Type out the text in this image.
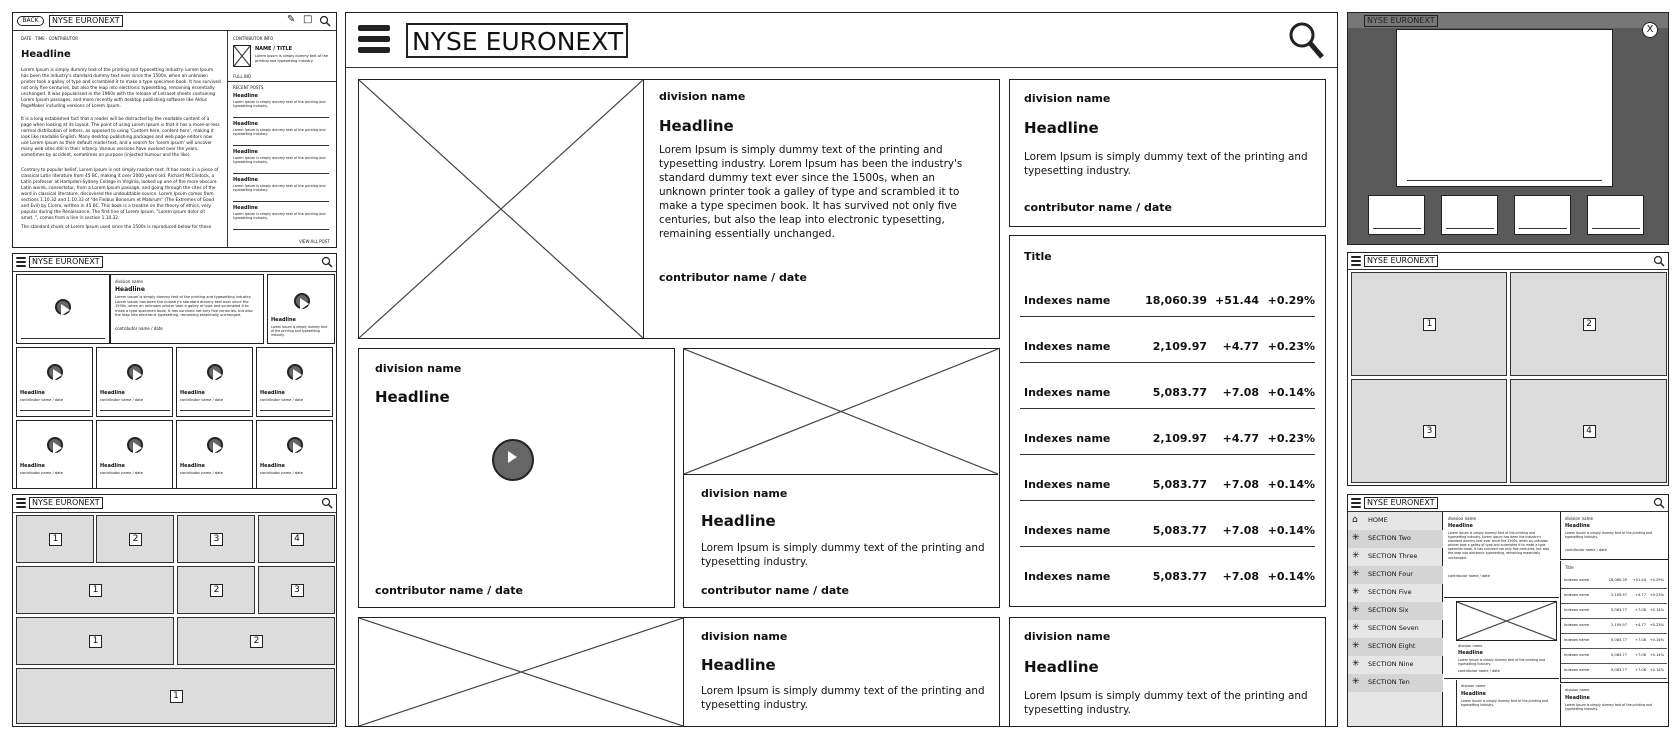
NYSE EURONEXT
division name
Headline
Lorem Ipsum is simply dummy text of the printing and typesetting industry. Lorem Ipsum has been the industry's standard dummy text ever since the 1500s, when an unknown printer took a galley of type and scrambled it to make a type specimen book. It has survived not only five centuries, but also the leap into electronic typesetting, remaining essentially unchanged.
contributor name / date
division name
Headline
Lorem Ipsum is simply dummy text of the printing and typesetting industry.
contributor name / date
Title
Indexes name	18,060.39 +51.44 +0.29%
Indexes name	2,109.97 +4.77 +0.23%
Indexes name	5,083.77 +7.08 +0.14%
Indexes name	2,109.97 +4.77 +0.23%
Indexes name	5,083.77 +7.08 +0.14%
Indexes name	5,083.77 +7.08 +0.14%
Indexes name	5,083.77 +7.08 +0.14%
division name
Headline
contributor name / date
division name
Headline
Lorem Ipsum is simply dummy text of the printing and typesetting industry.
contributor name / date
division name
Headline
Lorem Ipsum is simply dummy text of the printing and typesetting industry.
division name
Headline
Lorem Ipsum is simply dummy text of the printing and typesetting industry.
BACK	NYSE EURONEXT	✎ □
DATE · TIME · CONTRIBUTOR
Headline
Lorem Ipsum is simply dummy text of the printing and typesetting industry. Lorem Ipsum has been the industry's standard dummy text ever since the 1500s, when an unknown printer took a galley of type and scrambled it to make a type specimen book. It has survived not only five centuries, but also the leap into electronic typesetting, remaining essentially unchanged. It was popularised in the 1960s with the release of Letraset sheets containing Lorem Ipsum passages, and more recently with desktop publishing software like Aldus PageMaker including versions of Lorem Ipsum.
It is a long established fact that a reader will be distracted by the readable content of a page when looking at its layout. The point of using Lorem Ipsum is that it has a more-or-less normal distribution of letters, as opposed to using 'Content here, content here', making it look like readable English. Many desktop publishing packages and web page editors now use Lorem Ipsum as their default model text, and a search for 'lorem ipsum' will uncover many web sites still in their infancy. Various versions have evolved over the years, sometimes by accident, sometimes on purpose (injected humour and the like).
Contrary to popular belief, Lorem Ipsum is not simply random text. It has roots in a piece of classical Latin literature from 45 BC, making it over 2000 years old. Richard McClintock, a Latin professor at Hampden-Sydney College in Virginia, looked up one of the more obscure Latin words, consectetur, from a Lorem Ipsum passage, and going through the cites of the word in classical literature, discovered the undoubtable source. Lorem Ipsum comes from sections 1.10.32 and 1.10.33 of "de Finibus Bonorum et Malorum" (The Extremes of Good and Evil) by Cicero, written in 45 BC. This book is a treatise on the theory of ethics, very popular during the Renaissance. The first line of Lorem Ipsum, "Lorem ipsum dolor sit amet..", comes from a line in section 1.10.32.
The standard chunk of Lorem Ipsum used since the 1500s is reproduced below for those
CONTRIBUTOR INFO
NAME / TITLE
Lorem Ipsum is simply dummy text of the printing and typesetting industry.
FULL BIO
RECENT POSTS
Headline
Lorem Ipsum is simply dummy text of the printing and typesetting industry.
Headline
Lorem Ipsum is simply dummy text of the printing and typesetting industry.
Headline
Lorem Ipsum is simply dummy text of the printing and typesetting industry.
Headline
Lorem Ipsum is simply dummy text of the printing and typesetting industry.
Headline
Lorem Ipsum is simply dummy text of the printing and typesetting industry.
VIEW ALL POST
NYSE EURONEXT
division name
Headline
Lorem Ipsum is simply dummy text of the printing and typesetting industry. Lorem Ipsum has been the industry's standard dummy text ever since the 1500s, when an unknown printer took a galley of type and scrambled it to make a type specimen book. It has survived not only five centuries, but also the leap into electronic typesetting, remaining essentially unchanged.
contributor name / date
Headline
Lorem Ipsum is simply dummy text of the printing and typesetting industry.
Headline
contributor name / date
Headline
contributor name / date
Headline
contributor name / date
Headline
contributor name / date
Headline
contributor name / date
Headline
contributor name / date
Headline
contributor name / date
Headline
contributor name / date
NYSE EURONEXT
1	2	3	4
1	2	3
1	2
1
NYSE EURONEXT
X
NYSE EURONEXT
1	2
3	4
NYSE EURONEXT
⌂ HOME
✳ SECTION Two
✳ SECTION Three
✳ SECTION Four
✳ SECTION Five
✳ SECTION Six
✳ SECTION Seven
✳ SECTION Eight
✳ SECTION Nine
✳ SECTION Ten
division name
Headline
Lorem Ipsum is simply dummy text of the printing and typesetting industry. Lorem Ipsum has been the industry's standard dummy text ever since the 1500s, when an unknown printer took a galley of type and scrambled it to make a type specimen book. It has survived not only five centuries, but also the leap into electronic typesetting, remaining essentially unchanged.
contributor name / date
division name
Headline
Lorem Ipsum is simply dummy text of the printing and typesetting industry.
contributor name / date
Title
Indexes name	18,060.39 +51.44 +0.29%
Indexes name	2,109.97 +4.77 +0.23%
Indexes name	5,083.77 +7.08 +0.14%
Indexes name	2,109.97 +4.77 +0.23%
Indexes name	5,083.77 +7.08 +0.14%
Indexes name	5,083.77 +7.08 +0.14%
Indexes name	5,083.77 +7.08 +0.14%
division name
Headline
Lorem Ipsum is simply dummy text of the printing and typesetting industry.
contributor name / date
division name
Headline
Lorem Ipsum is simply dummy text of the printing and typesetting industry.
division name
Headline
Lorem Ipsum is simply dummy text of the printing and typesetting industry.
